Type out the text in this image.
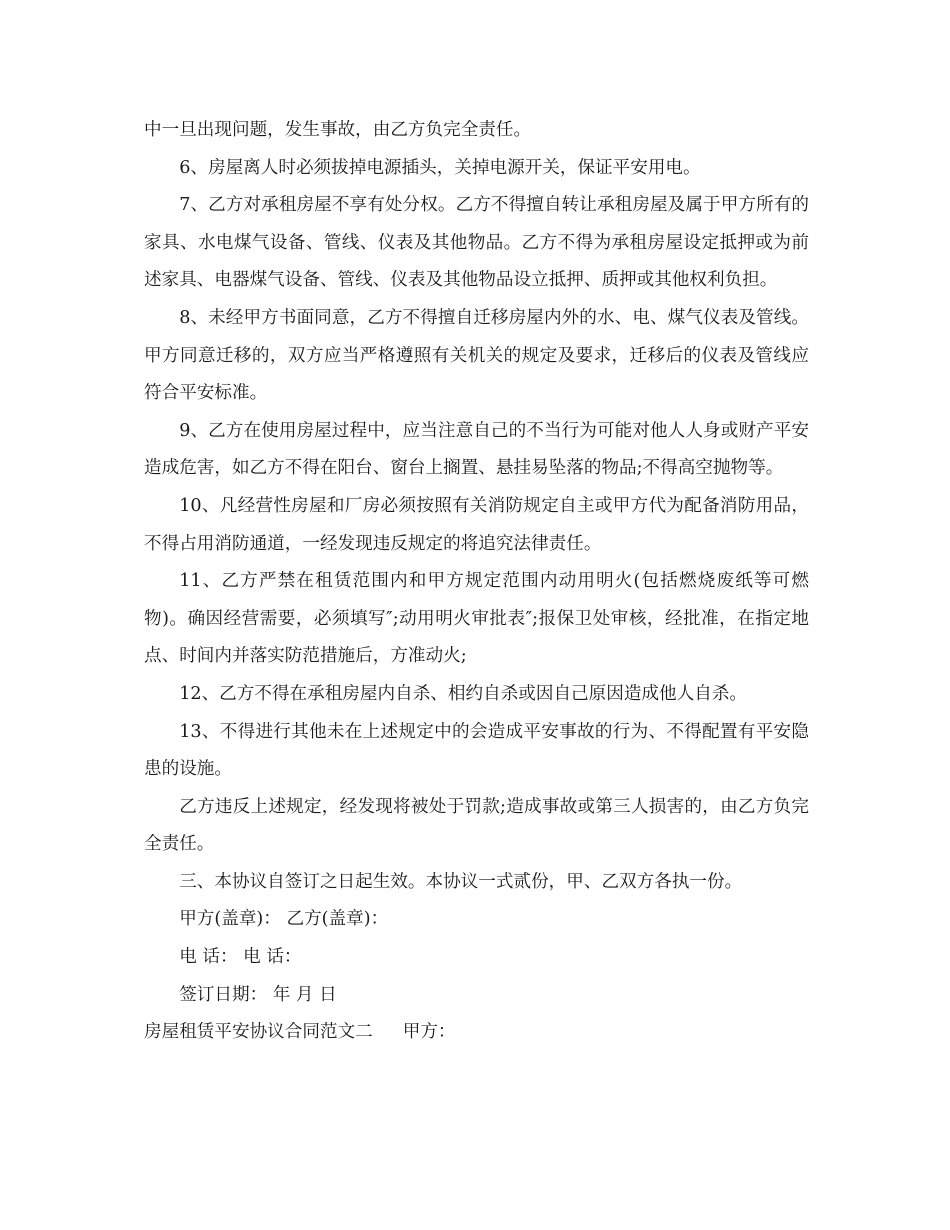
中一旦出现问题，发生事故，由乙方负完全责任。

6、房屋离人时必须拔掉电源插头，关掉电源开关，保证平安用电。

7、乙方对承租房屋不享有处分权。乙方不得擅自转让承租房屋及属于甲方所有的家具、水电煤气设备、管线、仪表及其他物品。乙方不得为承租房屋设定抵押或为前述家具、电器煤气设备、管线、仪表及其他物品设立抵押、质押或其他权利负担。

8、未经甲方书面同意，乙方不得擅自迁移房屋内外的水、电、煤气仪表及管线。甲方同意迁移的，双方应当严格遵照有关机关的规定及要求，迁移后的仪表及管线应符合平安标准。

9、乙方在使用房屋过程中，应当注意自己的不当行为可能对他人人身或财产平安造成危害，如乙方不得在阳台、窗台上搁置、悬挂易坠落的物品;不得高空抛物等。

10、凡经营性房屋和厂房必须按照有关消防规定自主或甲方代为配备消防用品，不得占用消防通道，一经发现违反规定的将追究法律责任。

11、乙方严禁在租赁范围内和甲方规定范围内动用明火(包括燃烧废纸等可燃物)。确因经营需要，必须填写″;动用明火审批表″;报保卫处审核，经批准，在指定地点、时间内并落实防范措施后，方准动火;

12、乙方不得在承租房屋内自杀、相约自杀或因自己原因造成他人自杀。

13、不得进行其他未在上述规定中的会造成平安事故的行为、不得配置有平安隐患的设施。

乙方违反上述规定，经发现将被处于罚款;造成事故或第三人损害的，由乙方负完全责任。

三、本协议自签订之日起生效。本协议一式贰份，甲、乙双方各执一份。

甲方(盖章)： 乙方(盖章)：

电 话： 电 话：

签订日期： 年 月 日

房屋租赁平安协议合同范文二 甲方：
